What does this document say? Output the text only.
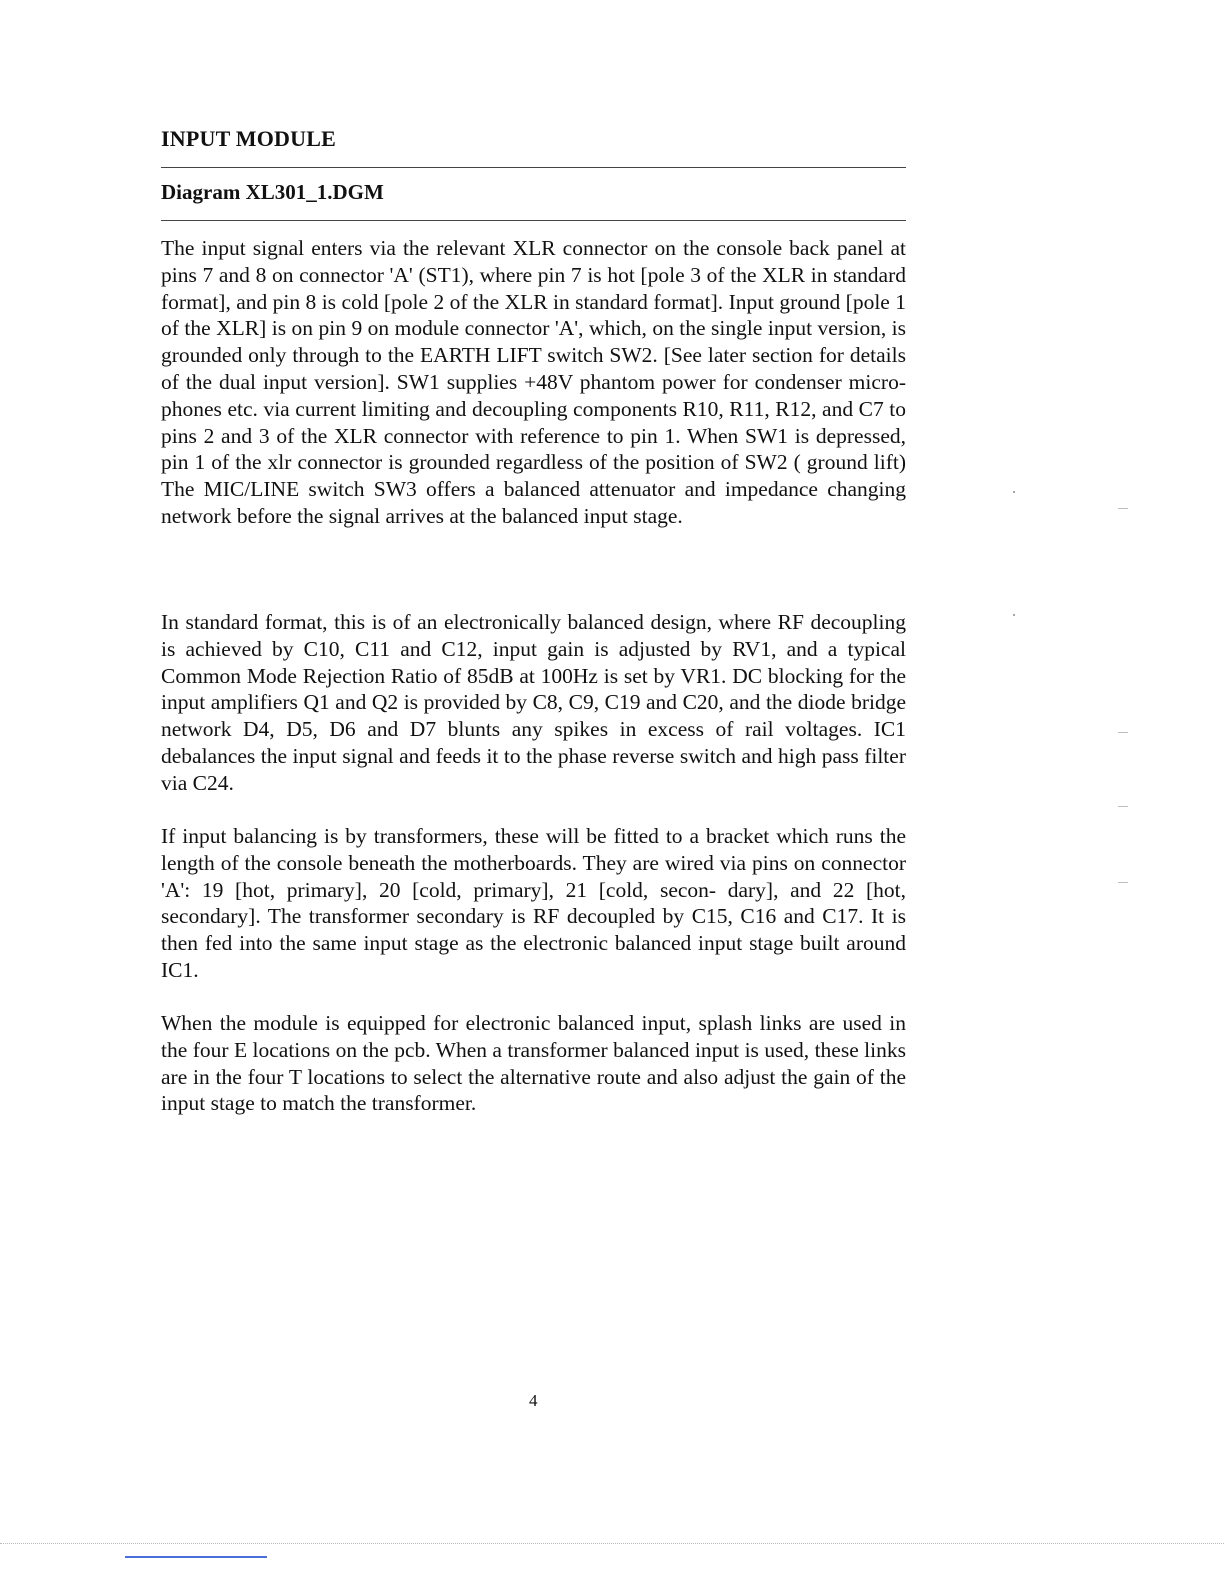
INPUT MODULE
Diagram XL301_1.DGM

The input signal enters via the relevant XLR connector on the console back panel at pins 7 and 8 on connector 'A' (ST1), where pin 7 is hot [pole 3 of the XLR in standard format], and pin 8 is cold [pole 2 of the XLR in standard format]. Input ground [pole 1 of the XLR] is on pin 9 on module connector 'A', which, on the single input version, is grounded only through to the EARTH LIFT switch SW2. [See later section for details of the dual input version]. SW1 supplies +48V phantom power for condenser micro- phones etc. via current limiting and decoupling components R10, R11, R12, and C7 to pins 2 and 3 of the XLR connector with reference to pin 1. When SW1 is depressed, pin 1 of the xlr connector is grounded regardless of the position of SW2 ( ground lift) The MIC/LINE switch SW3 offers a balanced attenuator and impedance changing network before the signal arrives at the balanced input stage.

In standard format, this is of an electronically balanced design, where RF decoupling is achieved by C10, C11 and C12, input gain is adjusted by RV1, and a typical Common Mode Rejection Ratio of 85dB at 100Hz is set by VR1. DC blocking for the input amplifiers Q1 and Q2 is provided by C8, C9, C19 and C20, and the diode bridge network D4, D5, D6 and D7 blunts any spikes in excess of rail voltages. IC1 debalances the input signal and feeds it to the phase reverse switch and high pass filter via C24.

If input balancing is by transformers, these will be fitted to a bracket which runs the length of the console beneath the motherboards. They are wired via pins on connector 'A': 19 [hot, primary], 20 [cold, primary], 21 [cold, secon- dary], and 22 [hot, secondary]. The transformer secondary is RF decoupled by C15, C16 and C17. It is then fed into the same input stage as the electronic balanced input stage built around IC1.

When the module is equipped for electronic balanced input, splash links are used in the four E locations on the pcb. When a transformer balanced input is used, these links are in the four T locations to select the alternative route and also adjust the gain of the input stage to match the transformer.

4
